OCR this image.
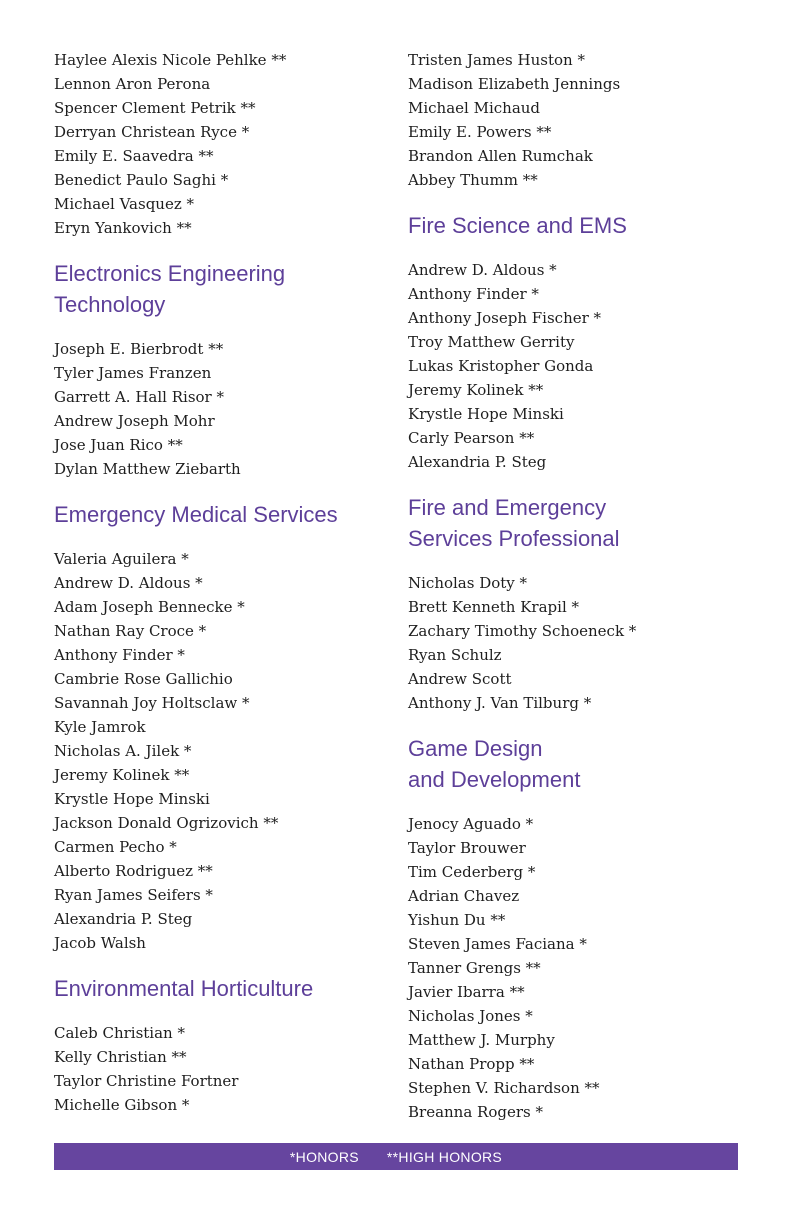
Haylee Alexis Nicole Pehlke **
Lennon Aron Perona
Spencer Clement Petrik **
Derryan Christean Ryce *
Emily E. Saavedra **
Benedict Paulo Saghi *
Michael Vasquez *
Eryn Yankovich **
Electronics Engineering
Technology
Joseph E. Bierbrodt **
Tyler James Franzen
Garrett A. Hall Risor *
Andrew Joseph Mohr
Jose Juan Rico **
Dylan Matthew Ziebarth
Emergency Medical Services
Valeria Aguilera *
Andrew D. Aldous *
Adam Joseph Bennecke *
Nathan Ray Croce *
Anthony Finder *
Cambrie Rose Gallichio
Savannah Joy Holtsclaw *
Kyle Jamrok
Nicholas A. Jilek *
Jeremy Kolinek **
Krystle Hope Minski
Jackson Donald Ogrizovich **
Carmen Pecho *
Alberto Rodriguez **
Ryan James Seifers *
Alexandria P. Steg
Jacob Walsh
Environmental Horticulture
Caleb Christian *
Kelly Christian **
Taylor Christine Fortner
Michelle Gibson *
Tristen James Huston *
Madison Elizabeth Jennings
Michael Michaud
Emily E. Powers **
Brandon Allen Rumchak
Abbey Thumm **
Fire Science and EMS
Andrew D. Aldous *
Anthony Finder *
Anthony Joseph Fischer *
Troy Matthew Gerrity
Lukas Kristopher Gonda
Jeremy Kolinek **
Krystle Hope Minski
Carly Pearson **
Alexandria P. Steg
Fire and Emergency
Services Professional
Nicholas Doty *
Brett Kenneth Krapil *
Zachary Timothy Schoeneck *
Ryan Schulz
Andrew Scott
Anthony J. Van Tilburg *
Game Design
and Development
Jenocy Aguado *
Taylor Brouwer
Tim Cederberg *
Adrian Chavez
Yishun Du **
Steven James Faciana *
Tanner Grengs **
Javier Ibarra **
Nicholas Jones *
Matthew J. Murphy
Nathan Propp **
Stephen V. Richardson **
Breanna Rogers *
*HONORS **HIGH HONORS
